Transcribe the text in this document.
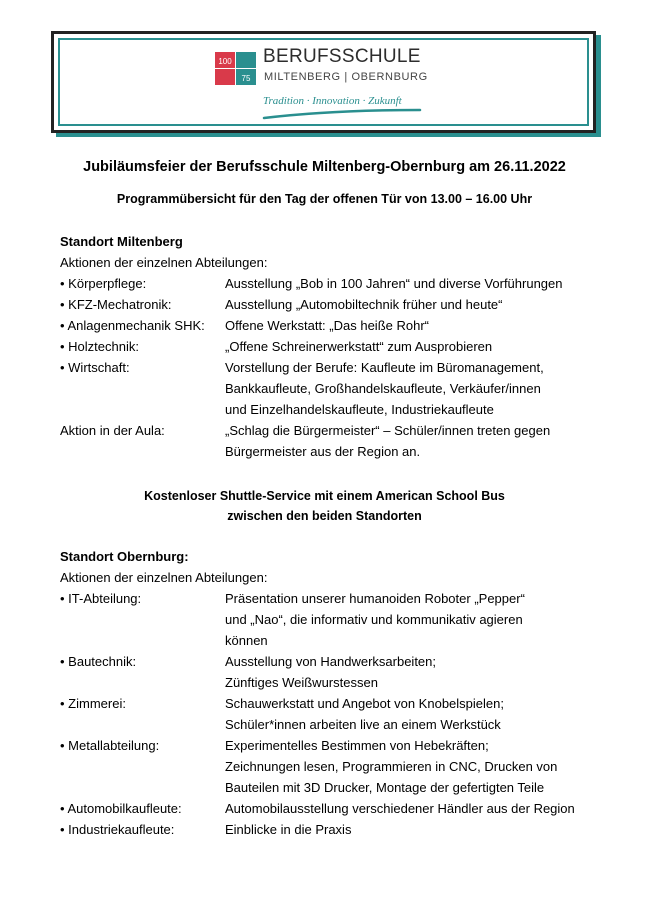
100
75
BERUFSSCHULE
MILTENBERG | OBERNBURG
Tradition · Innovation · Zukunft
Jubiläumsfeier der Berufsschule Miltenberg-Obernburg am 26.11.2022
Programmübersicht für den Tag der offenen Tür von 13.00 – 16.00 Uhr
Standort Miltenberg
Aktionen der einzelnen Abteilungen:
• Körperpflege:	Ausstellung „Bob in 100 Jahren“ und diverse Vorführungen
• KFZ-Mechatronik:	Ausstellung „Automobiltechnik früher und heute“
• Anlagenmechanik SHK: Offene Werkstatt: „Das heiße Rohr“
• Holztechnik:	„Offene Schreinerwerkstatt“ zum Ausprobieren
• Wirtschaft:	Vorstellung der Berufe: Kaufleute im Büromanagement,
Bankkaufleute, Großhandelskaufleute, Verkäufer/innen
und Einzelhandelskaufleute, Industriekaufleute
Aktion in der Aula:	„Schlag die Bürgermeister“ – Schüler/innen treten gegen
Bürgermeister aus der Region an.
Kostenloser Shuttle-Service mit einem American School Bus
zwischen den beiden Standorten
Standort Obernburg:
Aktionen der einzelnen Abteilungen:
• IT-Abteilung:	Präsentation unserer humanoiden Roboter „Pepper“
und „Nao“, die informativ und kommunikativ agieren
können
• Bautechnik:	Ausstellung von Handwerksarbeiten;
Zünftiges Weißwurstessen
• Zimmerei:	Schauwerkstatt und Angebot von Knobelspielen;
Schüler*innen arbeiten live an einem Werkstück
• Metallabteilung:	Experimentelles Bestimmen von Hebekräften;
Zeichnungen lesen, Programmieren in CNC, Drucken von
Bauteilen mit 3D Drucker, Montage der gefertigten Teile
• Automobilkaufleute:	Automobilausstellung verschiedener Händler aus der Region
• Industriekaufleute:	Einblicke in die Praxis
